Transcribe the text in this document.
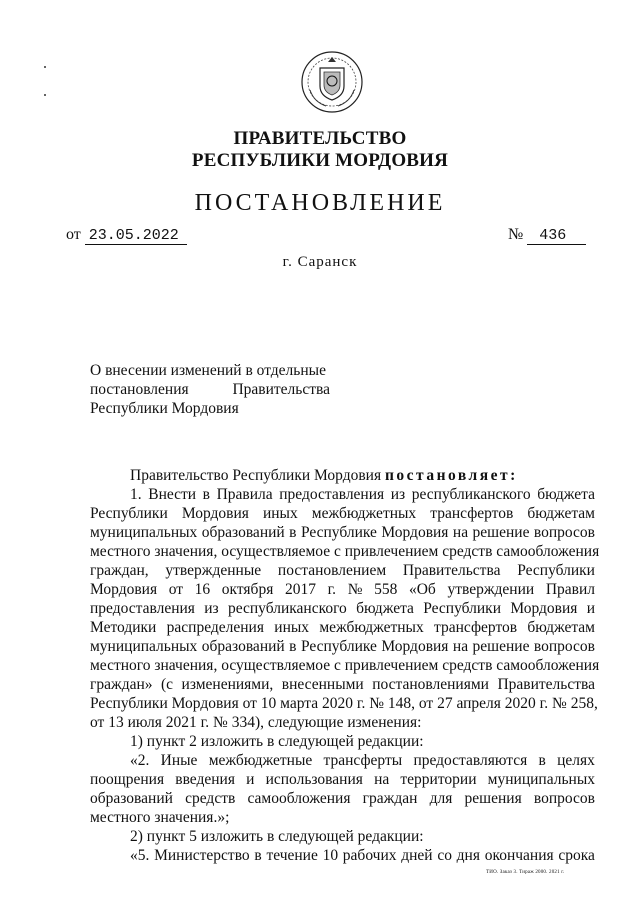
ПРАВИТЕЛЬСТВО
РЕСПУБЛИКИ МОРДОВИЯ
ПОСТАНОВЛЕНИЕ
от 23.05.2022	№ 436
г. Саранск
О внесении изменений в отдельные
постановления	Правительства
Республики Мордовия
Правительство Республики Мордовия постановляет:
1. Внести в Правила предоставления из республиканского бюджета
Республики Мордовия иных межбюджетных трансфертов бюджетам
муниципальных образований в Республике Мордовия на решение вопросов
местного значения, осуществляемое с привлечением средств самообложения
граждан, утвержденные постановлением Правительства Республики
Мордовия от 16 октября 2017 г. № 558 «Об утверждении Правил
предоставления из республиканского бюджета Республики Мордовия и
Методики распределения иных межбюджетных трансфертов бюджетам
муниципальных образований в Республике Мордовия на решение вопросов
местного значения, осуществляемое с привлечением средств самообложения
граждан» (с изменениями, внесенными постановлениями Правительства
Республики Мордовия от 10 марта 2020 г. № 148, от 27 апреля 2020 г. № 258,
от 13 июля 2021 г. № 334), следующие изменения:
1) пункт 2 изложить в следующей редакции:
«2. Иные межбюджетные трансферты предоставляются в целях
поощрения введения и использования на территории муниципальных
образований средств самообложения граждан для решения вопросов
местного значения.»;
2) пункт 5 изложить в следующей редакции:
«5. Министерство в течение 10 рабочих дней со дня окончания срока
ТИО. Заказ 3. Тираж 2000. 2021 г.
